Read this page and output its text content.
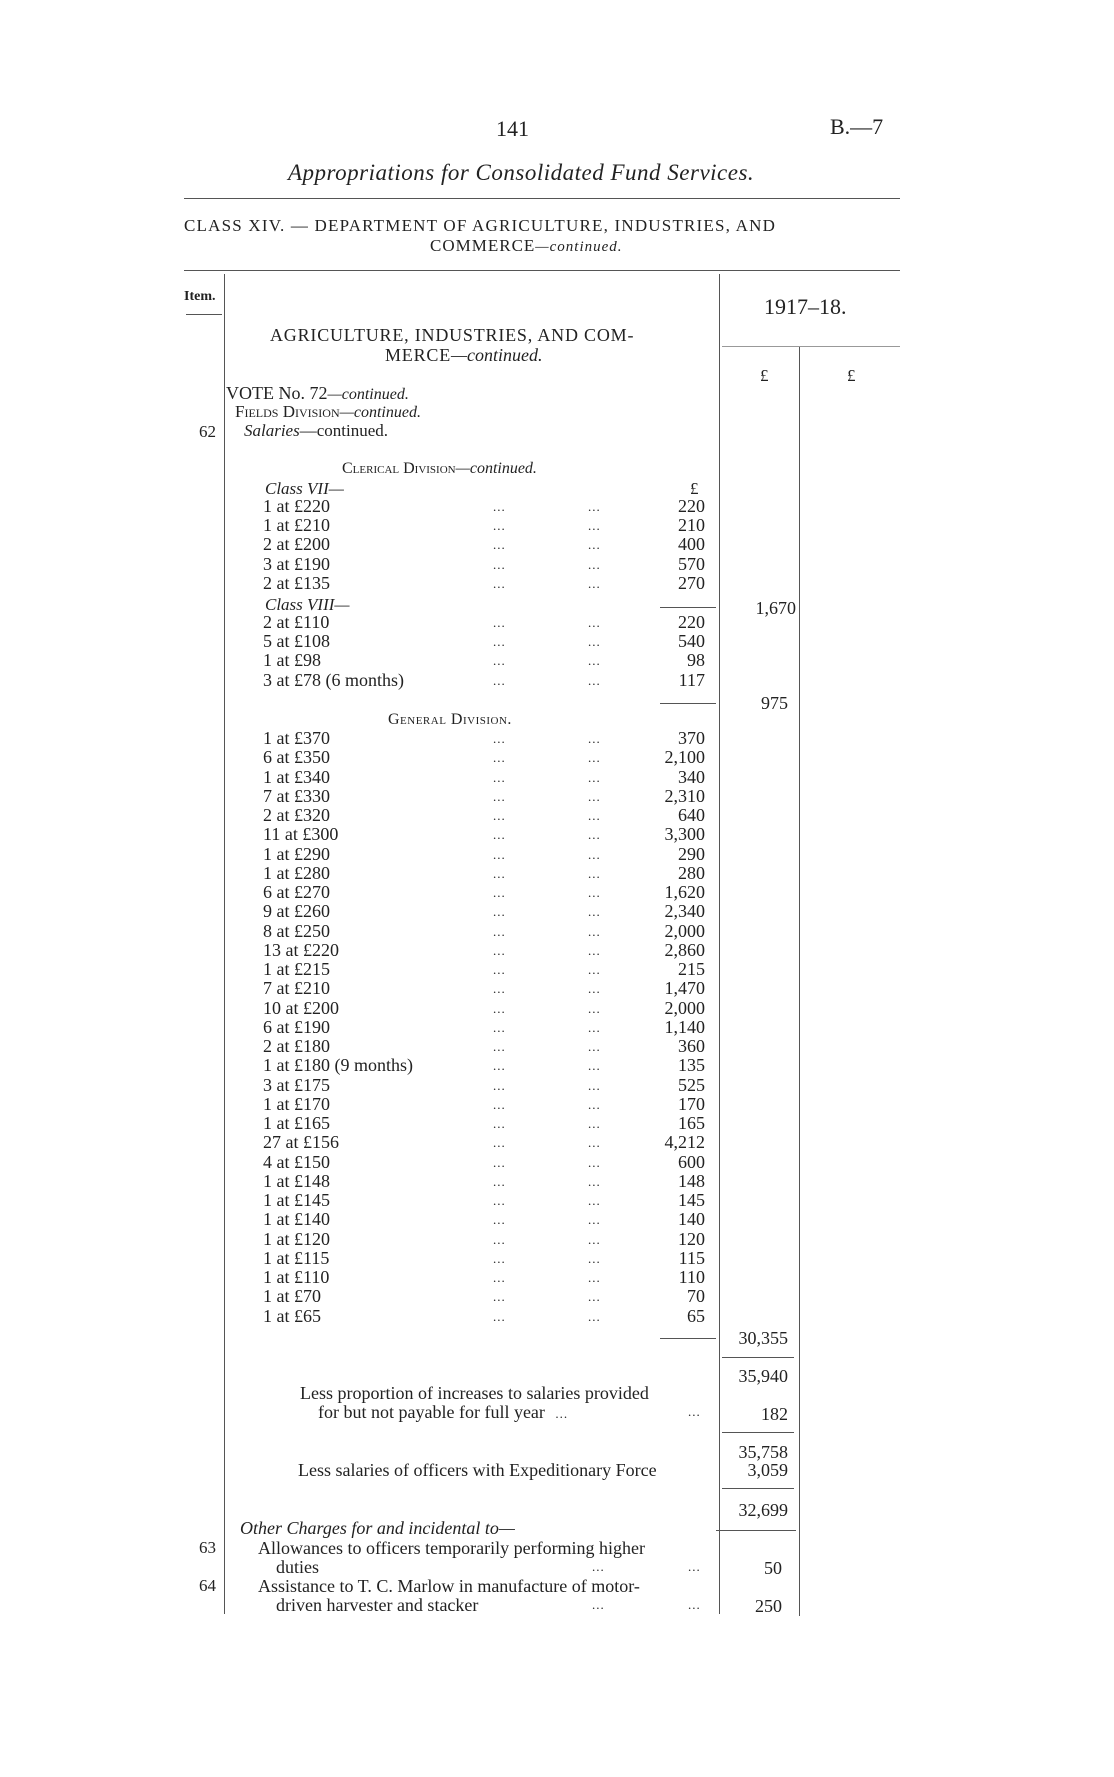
141	B.—7
Appropriations for Consolidated Fund Services.
CLASS XIV. — DEPARTMENT OF AGRICULTURE, INDUSTRIES, AND
COMMERCE—continued.
Item.	1917–18.
£	£
AGRICULTURE, INDUSTRIES, AND COM-
MERCE—continued.
VOTE No. 72—continued.
Fields Division—continued.
62 Salaries—continued.
Clerical Division—continued.
Class VII—	£
1 at £220	...	...	220
1 at £210	...	...	210
2 at £200	...	...	400
3 at £190	...	...	570
2 at £135	...	...	270
1,670
Class VIII—
2 at £110	...	...	220
5 at £108	...	...	540
1 at £98	...	...	98
3 at £78 (6 months)	...	...	117
975
General Division.
1 at £370	...	...	370
6 at £350	...	...	2,100
1 at £340	...	...	340
7 at £330	...	...	2,310
2 at £320	...	...	640
11 at £300	...	...	3,300
1 at £290	...	...	290
1 at £280	...	...	280
6 at £270	...	...	1,620
9 at £260	...	...	2,340
8 at £250	...	...	2,000
13 at £220	...	...	2,860
1 at £215	...	...	215
7 at £210	...	...	1,470
10 at £200	...	...	2,000
6 at £190	...	...	1,140
2 at £180	...	...	360
1 at £180 (9 months)	...	...	135
3 at £175	...	...	525
1 at £170	...	...	170
1 at £165	...	...	165
27 at £156	...	...	4,212
4 at £150	...	...	600
1 at £148	...	...	148
1 at £145	...	...	145
1 at £140	...	...	140
1 at £120	...	...	120
1 at £115	...	...	115
1 at £110	...	...	110
1 at £70	...	...	70
1 at £65	...	...	65
30,355
35,940
Less proportion of increases to salaries provided
for but not payable for full year ...	...	182
35,758
Less salaries of officers with Expeditionary Force	3,059
32,699
Other Charges for and incidental to—
63 Allowances to officers temporarily performing higher
duties	...	...	50
64 Assistance to T. C. Marlow in manufacture of motor-
driven harvester and stacker	...	...	250
